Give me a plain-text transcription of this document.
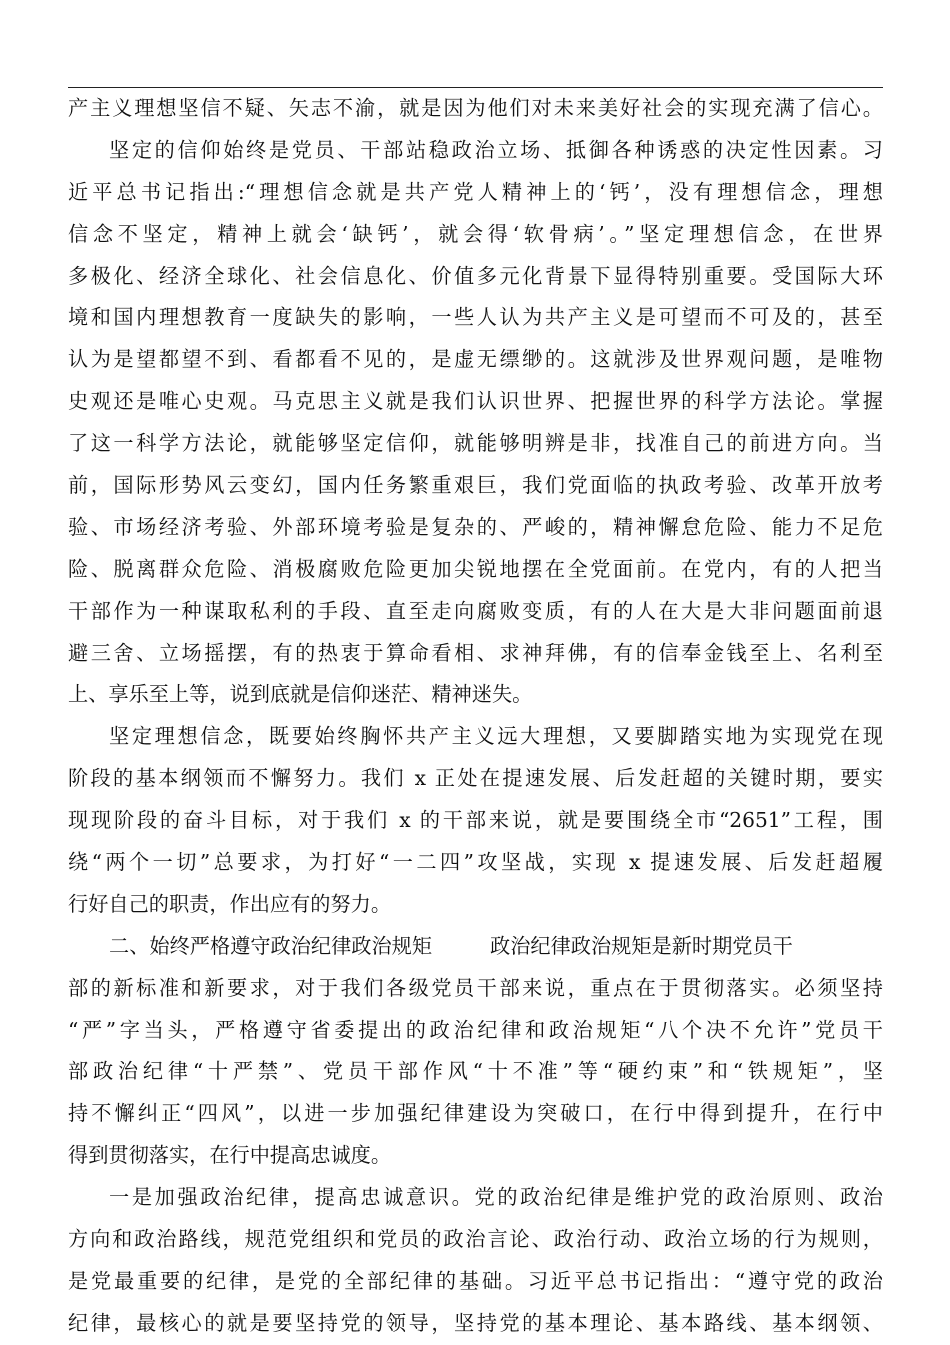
产主义理想坚信不疑、矢志不渝，就是因为他们对未来美好社会的实现充满了信心。
坚定的信仰始终是党员、干部站稳政治立场、抵御各种诱惑的决定性因素。习
近平总书记指出:“理想信念就是共产党人精神上的‘钙’，没有理想信念，理想
信念不坚定，精神上就会‘缺钙’，就会得‘软骨病’。”坚定理想信念，在世界
多极化、经济全球化、社会信息化、价值多元化背景下显得特别重要。受国际大环
境和国内理想教育一度缺失的影响，一些人认为共产主义是可望而不可及的，甚至
认为是望都望不到、看都看不见的，是虚无缥缈的。这就涉及世界观问题，是唯物
史观还是唯心史观。马克思主义就是我们认识世界、把握世界的科学方法论。掌握
了这一科学方法论，就能够坚定信仰，就能够明辨是非，找准自己的前进方向。当
前，国际形势风云变幻，国内任务繁重艰巨，我们党面临的执政考验、改革开放考
验、市场经济考验、外部环境考验是复杂的、严峻的，精神懈怠危险、能力不足危
险、脱离群众危险、消极腐败危险更加尖锐地摆在全党面前。在党内，有的人把当
干部作为一种谋取私利的手段、直至走向腐败变质，有的人在大是大非问题面前退
避三舍、立场摇摆，有的热衷于算命看相、求神拜佛，有的信奉金钱至上、名利至
上、享乐至上等，说到底就是信仰迷茫、精神迷失。
坚定理想信念，既要始终胸怀共产主义远大理想，又要脚踏实地为实现党在现
阶段的基本纲领而不懈努力。我们 x 正处在提速发展、后发赶超的关键时期，要实
现现阶段的奋斗目标，对于我们 x 的干部来说，就是要围绕全市“2651”工程，围
绕“两个一切”总要求，为打好“一二四”攻坚战，实现 x 提速发展、后发赶超履
行好自己的职责，作出应有的努力。
二、始终严格遵守政治纪律政治规矩	政治纪律政治规矩是新时期党员干
部的新标准和新要求，对于我们各级党员干部来说，重点在于贯彻落实。必须坚持
“严”字当头，严格遵守省委提出的政治纪律和政治规矩“八个决不允许”党员干
部政治纪律“十严禁”、党员干部作风“十不准”等“硬约束”和“铁规矩”，坚
持不懈纠正“四风”，以进一步加强纪律建设为突破口，在行中得到提升，在行中
得到贯彻落实，在行中提高忠诚度。
一是加强政治纪律，提高忠诚意识。党的政治纪律是维护党的政治原则、政治
方向和政治路线，规范党组织和党员的政治言论、政治行动、政治立场的行为规则，
是党最重要的纪律，是党的全部纪律的基础。习近平总书记指出：“遵守党的政治
纪律，最核心的就是要坚持党的领导，坚持党的基本理论、基本路线、基本纲领、
